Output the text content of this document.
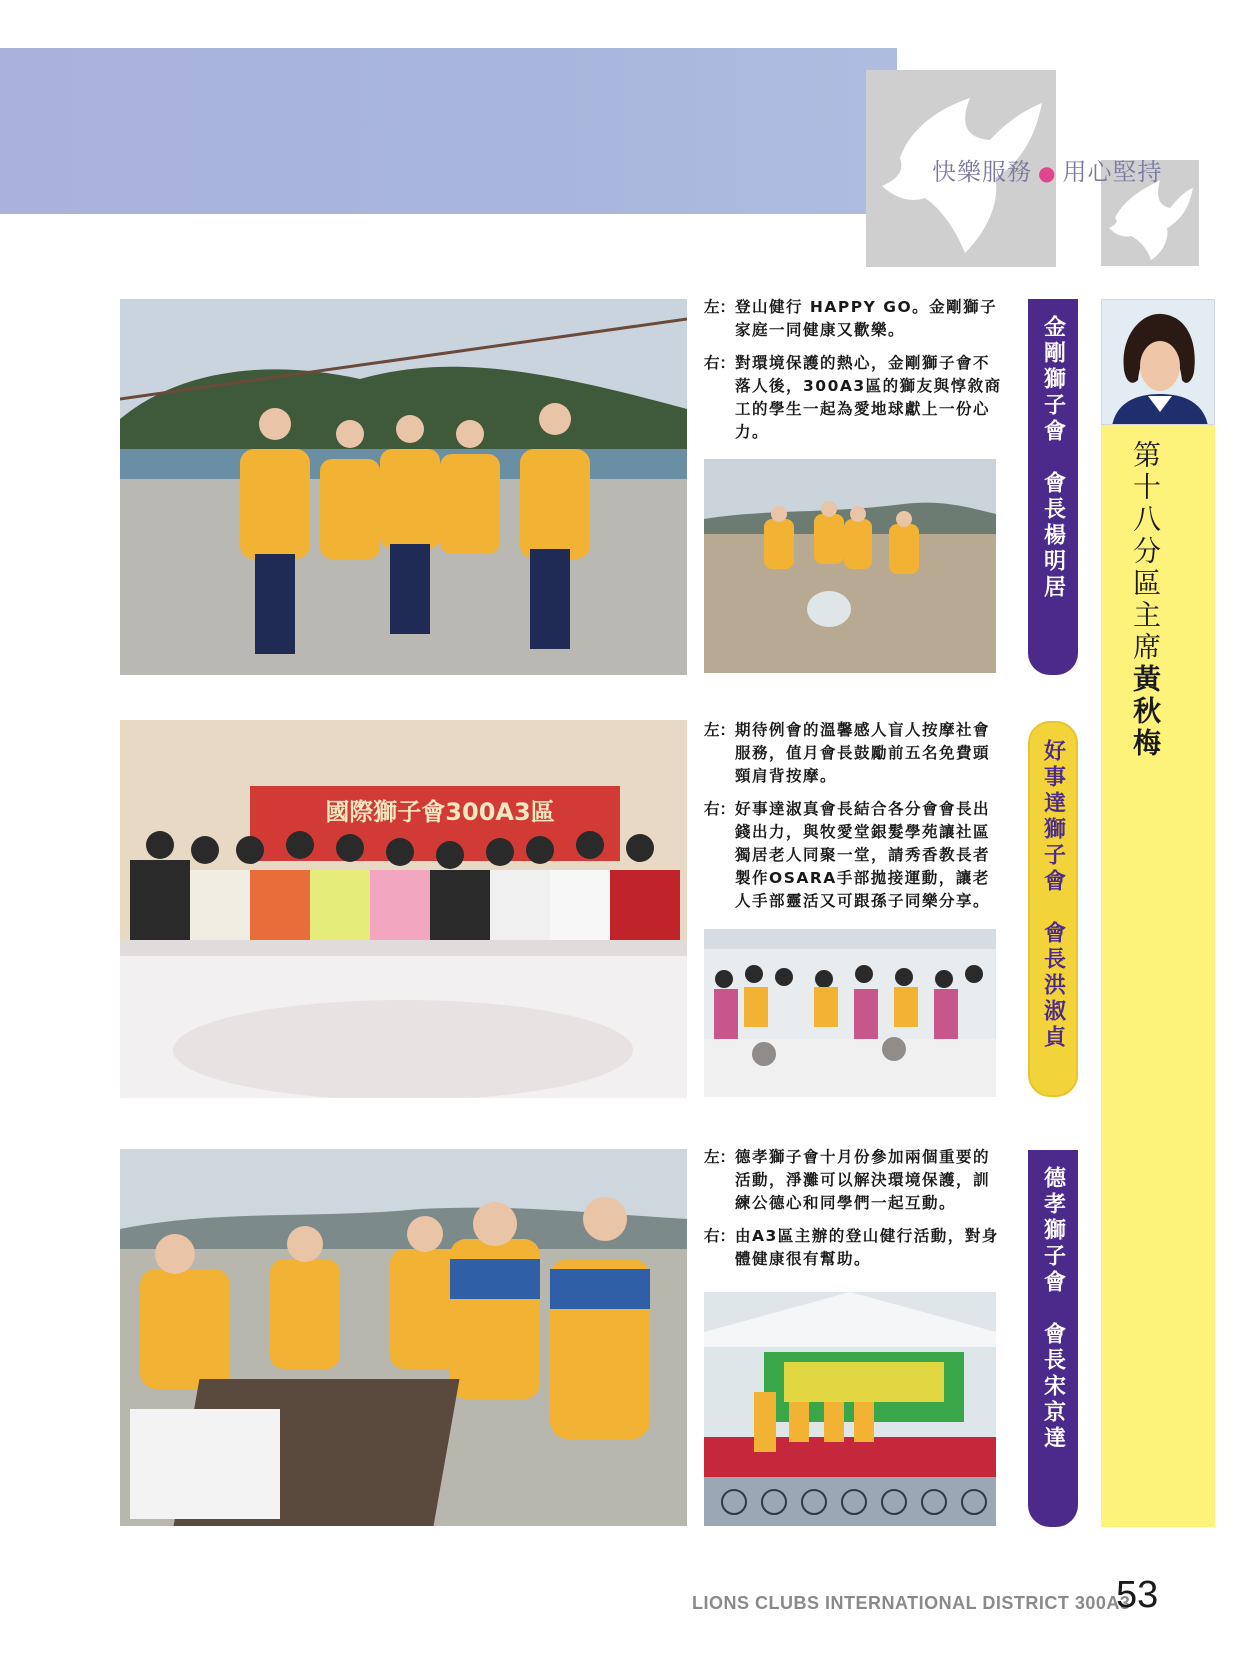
快樂服務 ● 用心堅持
第十八分區主席黃秋梅

左： 登山健行 HAPPY GO。金剛獅子家庭一同健康又歡樂。

右： 對環境保護的熱心，金剛獅子會不落人後，300A3區的獅友與惇敘商工的學生一起為愛地球獻上一份心力。	金剛獅子會　會長楊明居
國際獅子會300A3區

左： 期待例會的溫馨感人盲人按摩社會服務，值月會長鼓勵前五名免費頭頸肩背按摩。

右： 好事達淑真會長結合各分會會長出錢出力，與牧愛堂銀髮學苑讓社區獨居老人同聚一堂，請秀香教長者製作OSARA手部拋接運動，讓老人手部靈活又可跟孫子同樂分享。

好事達獅子會　會長洪淑貞

左： 德孝獅子會十月份參加兩個重要的活動，淨灘可以解決環境保護，訓練公德心和同學們一起互動。

右： 由A3區主辦的登山健行活動，對身體健康很有幫助。	德孝獅子會　會長宋京達
LIONS CLUBS INTERNATIONAL DISTRICT 300A3
53
